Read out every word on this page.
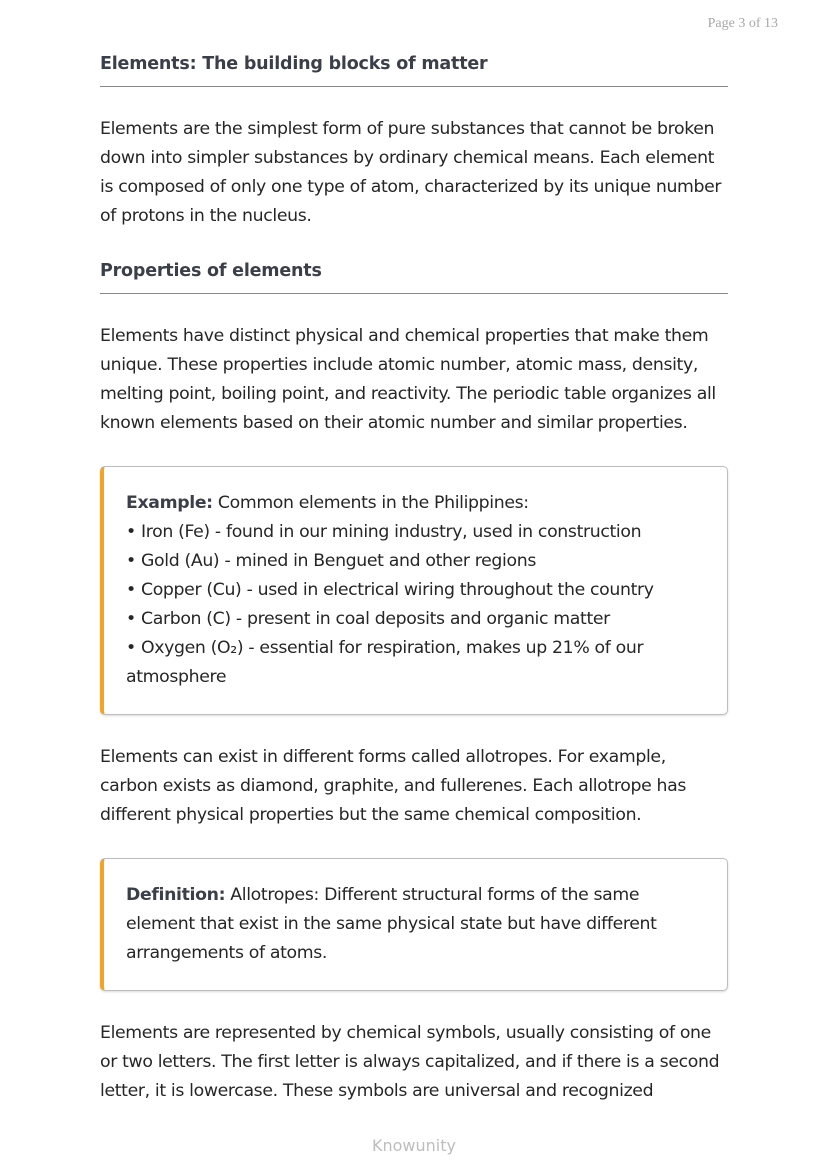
Page 3 of 13
Elements: The building blocks of matter

Elements are the simplest form of pure substances that cannot be broken down into simpler substances by ordinary chemical means. Each element is composed of only one type of atom, characterized by its unique number of protons in the nucleus.

Properties of elements

Elements have distinct physical and chemical properties that make them unique. These properties include atomic number, atomic mass, density, melting point, boiling point, and reactivity. The periodic table organizes all known elements based on their atomic number and similar properties.

Example: Common elements in the Philippines:
• Iron (Fe) - found in our mining industry, used in construction
• Gold (Au) - mined in Benguet and other regions
• Copper (Cu) - used in electrical wiring throughout the country
• Carbon (C) - present in coal deposits and organic matter
• Oxygen (O₂) - essential for respiration, makes up 21% of our atmosphere

Elements can exist in different forms called allotropes. For example, carbon exists as diamond, graphite, and fullerenes. Each allotrope has different physical properties but the same chemical composition.

Definition: Allotropes: Different structural forms of the same element that exist in the same physical state but have different arrangements of atoms.

Elements are represented by chemical symbols, usually consisting of one or two letters. The first letter is always capitalized, and if there is a second letter, it is lowercase. These symbols are universal and recognized

Knowunity
